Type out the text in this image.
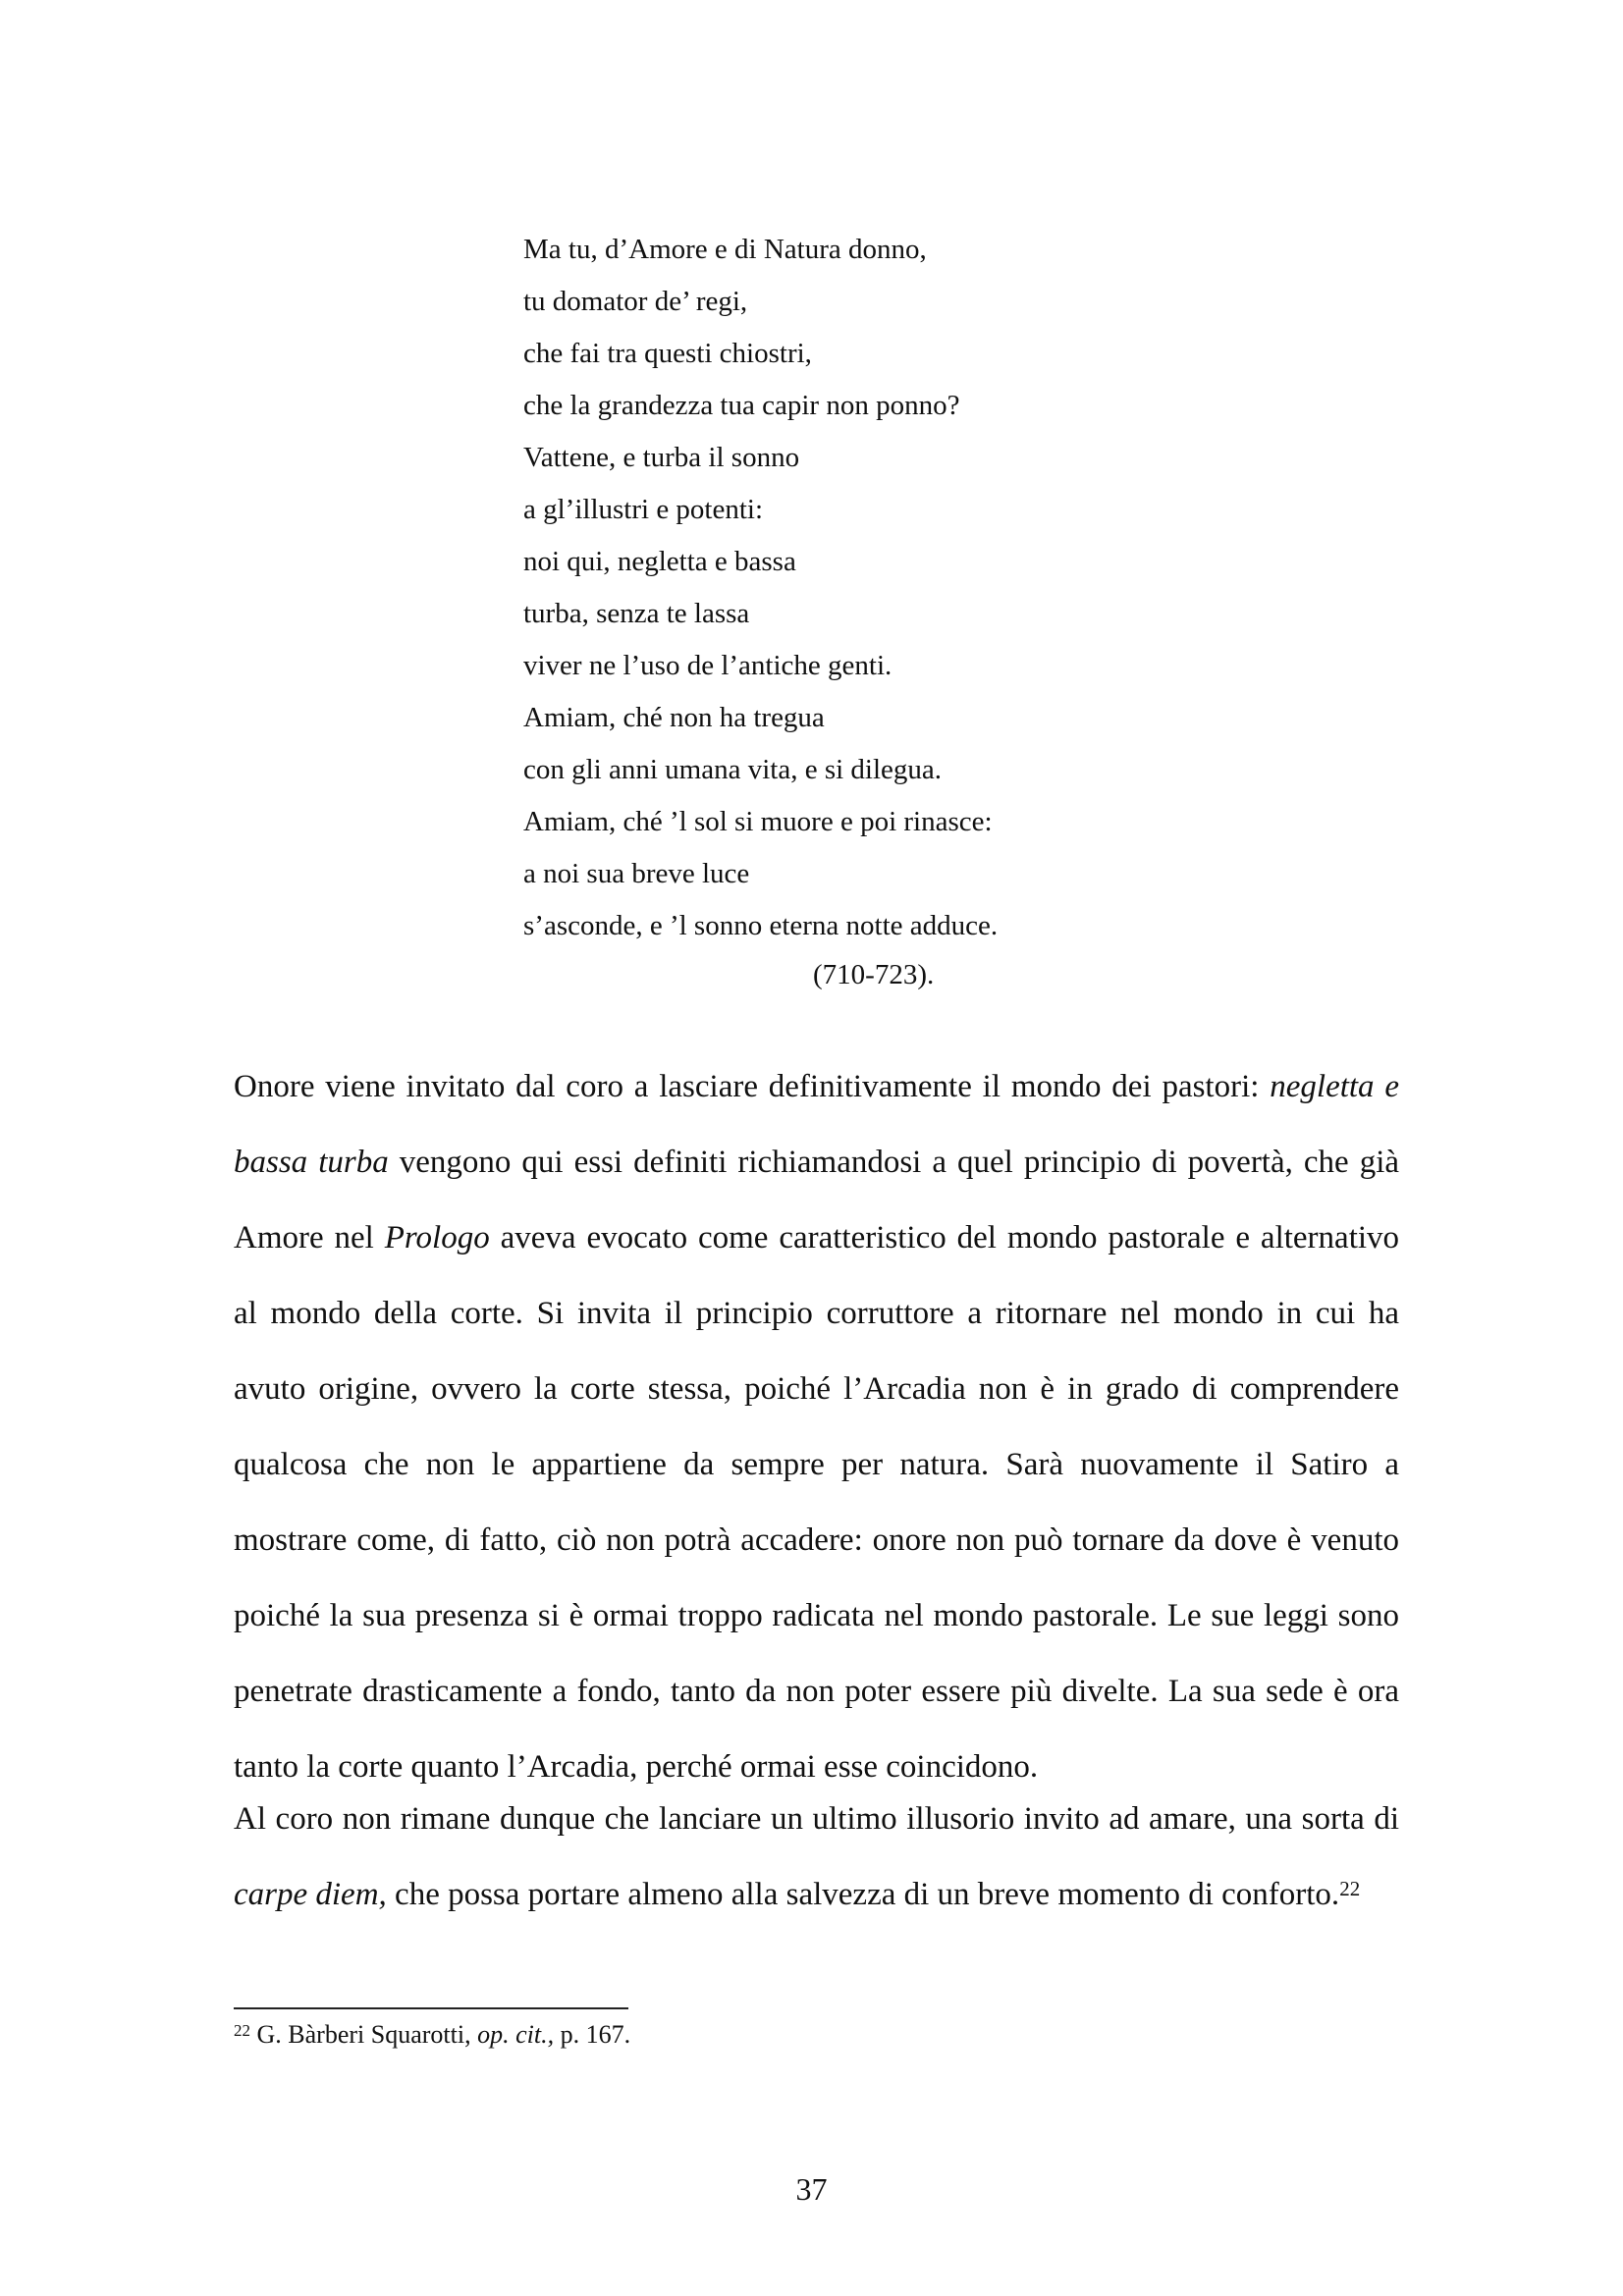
Ma tu, d’Amore e di Natura donno,
tu domator de’ regi,
che fai tra questi chiostri,
che la grandezza tua capir non ponno?
Vattene, e turba il sonno
a gl’illustri e potenti:
noi qui, negletta e bassa
turba, senza te lassa
viver ne l’uso de l’antiche genti.
Amiam, ché non ha tregua
con gli anni umana vita, e si dilegua.
Amiam, ché ’l sol si muore e poi rinasce:
a noi sua breve luce
s’asconde, e ’l sonno eterna notte adduce.
(710-723).
Onore viene invitato dal coro a lasciare definitivamente il mondo dei pastori: negletta e
bassa turba vengono qui essi definiti richiamandosi a quel principio di povertà, che già
Amore nel Prologo aveva evocato come caratteristico del mondo pastorale e alternativo
al mondo della corte. Si invita il principio corruttore a ritornare nel mondo in cui ha
avuto origine, ovvero la corte stessa, poiché l’Arcadia non è in grado di comprendere
qualcosa che non le appartiene da sempre per natura. Sarà nuovamente il Satiro a
mostrare come, di fatto, ciò non potrà accadere: onore non può tornare da dove è venuto
poiché la sua presenza si è ormai troppo radicata nel mondo pastorale. Le sue leggi sono
penetrate drasticamente a fondo, tanto da non poter essere più divelte. La sua sede è ora
tanto la corte quanto l’Arcadia, perché ormai esse coincidono.
Al coro non rimane dunque che lanciare un ultimo illusorio invito ad amare, una sorta di
carpe diem, che possa portare almeno alla salvezza di un breve momento di conforto.$^{22}$
$^{22}$ G. Bàrberi Squarotti, op. cit., p. 167.
37
